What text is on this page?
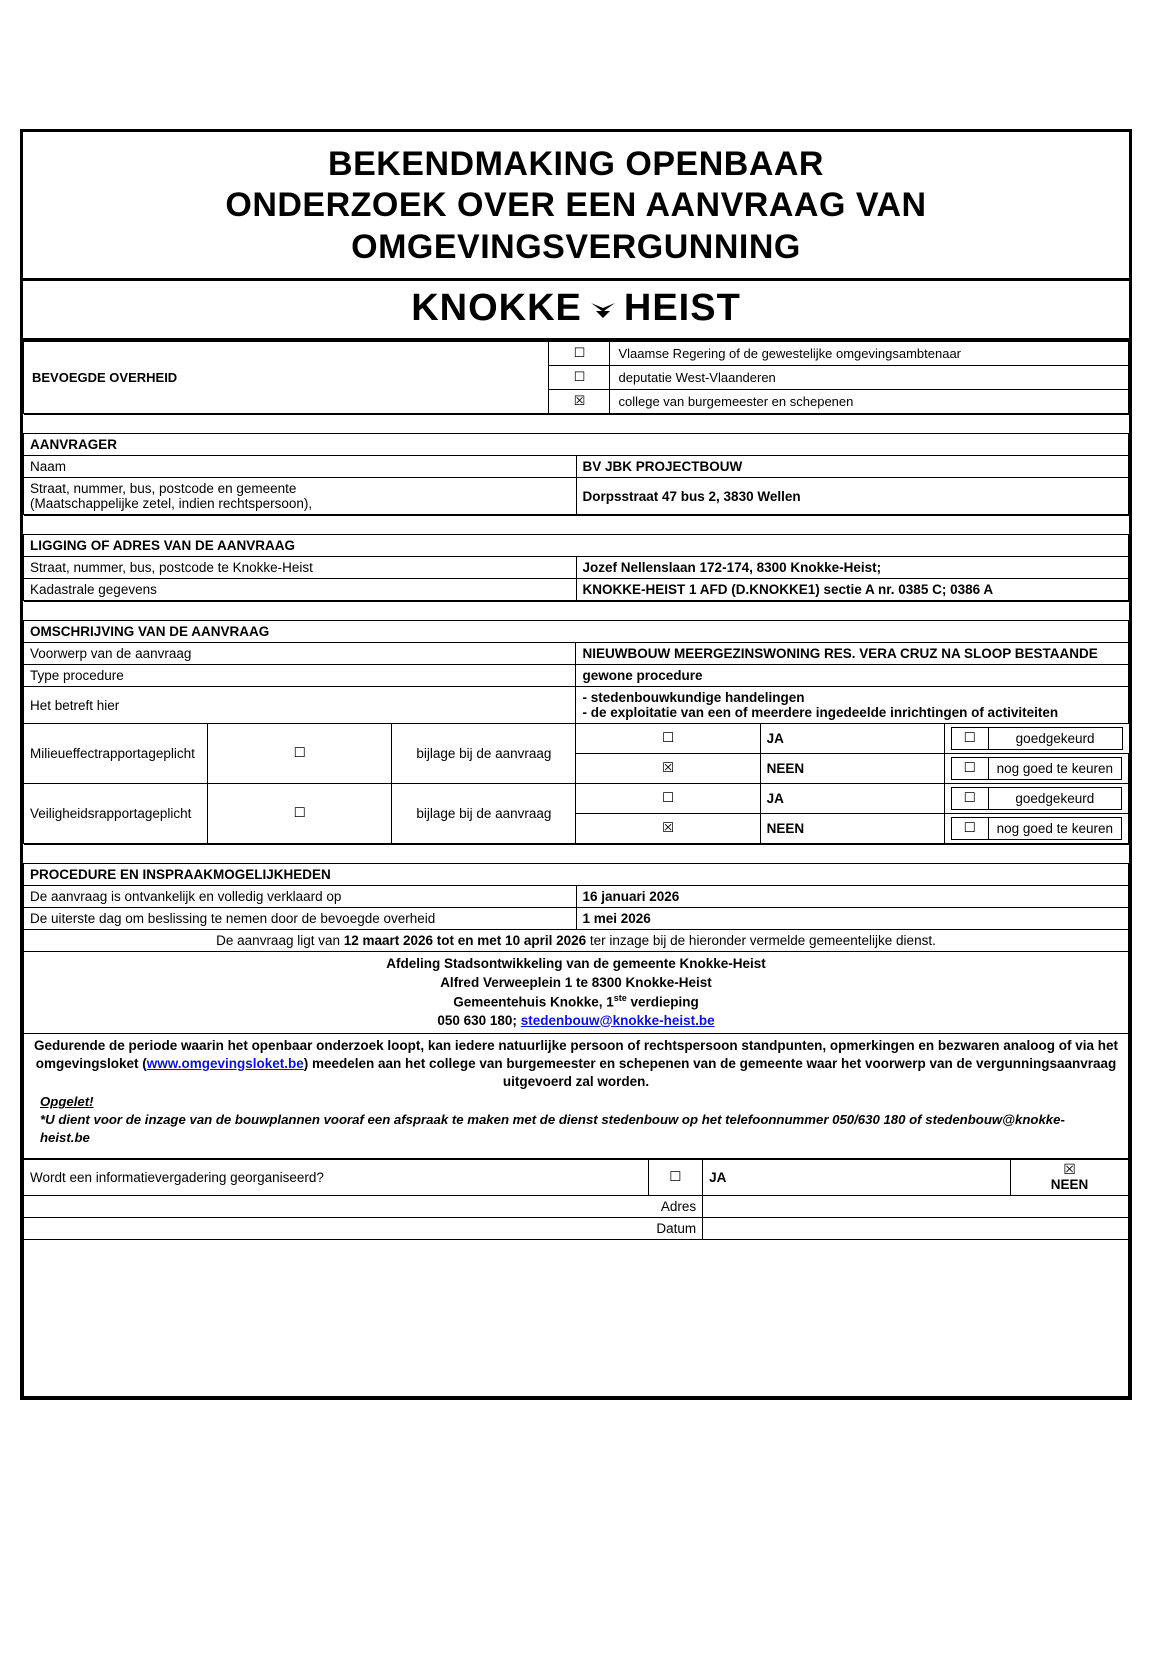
BEKENDMAKING OPENBAAR
ONDERZOEK OVER EEN AANVRAAG VAN
OMGEVINGSVERGUNNING
KNOKKE HEIST
BEVOEGDE OVERHEID	☐	Vlaamse Regering of de gewestelijke omgevingsambtenaar
	☐	deputatie West-Vlaanderen
	☒	college van burgemeester en schepenen

AANVRAGER	
Naam	BV JBK PROJECTBOUW

Straat, nummer, bus, postcode en gemeente
(Maatschappelijke zetel, indien rechtspersoon),	Dorpsstraat 47 bus 2, 3830 Wellen

LIGGING OF ADRES VAN DE AANVRAAG	
Straat, nummer, bus, postcode te Knokke-Heist	Jozef Nellenslaan 172-174, 8300 Knokke-Heist;
Kadastrale gegevens	KNOKKE-HEIST 1 AFD (D.KNOKKE1) sectie A nr. 0385 C; 0386 A

OMSCHRIJVING VAN DE AANVRAAG
Voorwerp van de aanvraag	NIEUWBOUW MEERGEZINSWONING RES. VERA CRUZ NA SLOOP BESTAANDE
Type procedure	gewone procedure
Het betreft hier	- stedenbouwkundige handelingen
- de exploitatie van een of meerdere ingedeelde inrichtingen of activiteiten

Milieueffectrapportageplicht	☐	bijlage bij de aanvraag	☐	JA		☐	goedgekeurd

☒	NEEN		☐	nog goed te keuren

Veiligheidsrapportageplicht	☐	bijlage bij de aanvraag	☐	JA		☐	goedgekeurd

☒	NEEN		☐	nog goed te keuren

PROCEDURE EN INSPRAAKMOGELIJKHEDEN	
De aanvraag is ontvankelijk en volledig verklaard op	16 januari 2026
De uiterste dag om beslissing te nemen door de bevoegde overheid	1 mei 2026
De aanvraag ligt van 12 maart 2026 tot en met 10 april 2026 ter inzage bij de hieronder vermelde gemeentelijke dienst.	

Afdeling Stadsontwikkeling van de gemeente Knokke-Heist
Alfred Verweeplein 1 te 8300 Knokke-Heist
Gemeentehuis Knokke, 1ste verdieping
050 630 180; stedenbouw@knokke-heist.be	

Gedurende de periode waarin het openbaar onderzoek loopt, kan iedere natuurlijke persoon of rechtspersoon standpunten, opmerkingen en bezwaren analoog of via het omgevingsloket (www.omgevingsloket.be) meedelen aan het college van burgemeester en schepenen van de gemeente waar het voorwerp van de vergunningsaanvraag uitgevoerd zal worden.
Opgelet!
*U dient voor de inzage van de bouwplannen vooraf een afspraak te maken met de dienst stedenbouw op het telefoonnummer 050/630 180 of stedenbouw@knokke-heist.be	
Wordt een informatievergadering georganiseerd?	☐	JA	☒
NEEN

Adres			
Datum			
